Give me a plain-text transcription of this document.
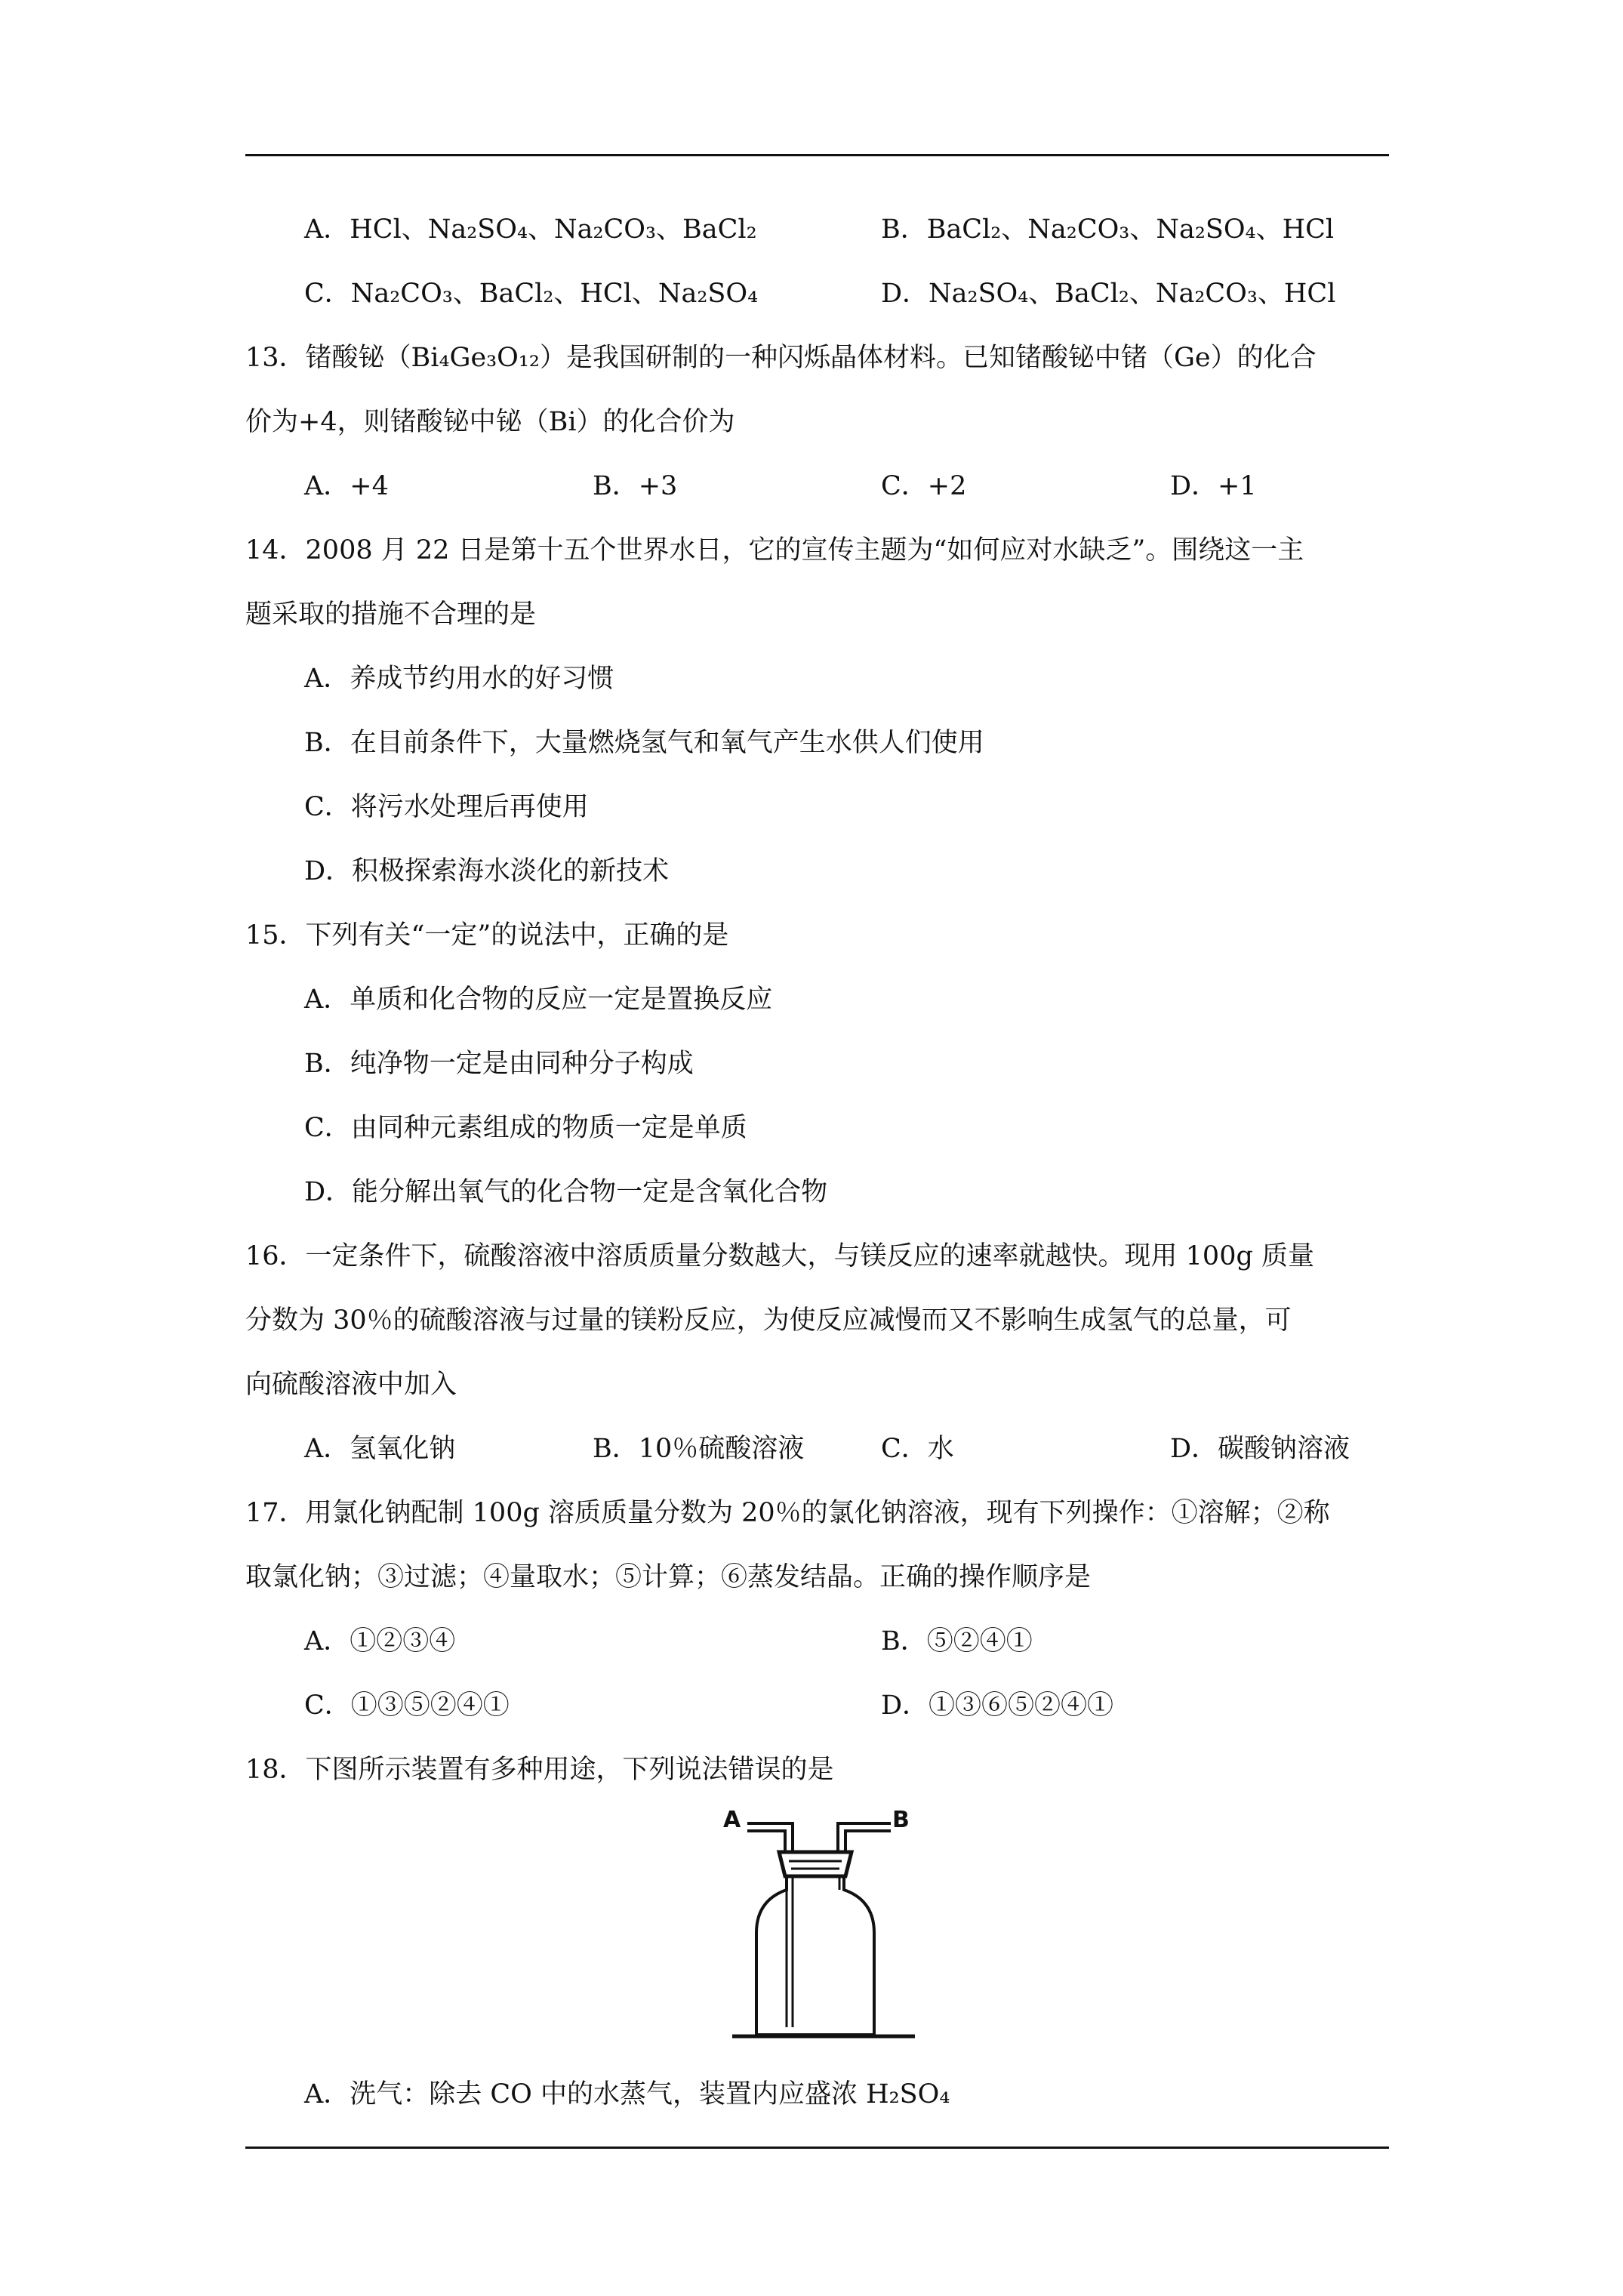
A．HCl、Na₂SO₄、Na₂CO₃、BaCl₂	B．BaCl₂、Na₂CO₃、Na₂SO₄、HCl
C．Na₂CO₃、BaCl₂、HCl、Na₂SO₄	D．Na₂SO₄、BaCl₂、Na₂CO₃、HCl
13．锗酸铋（Bi₄Ge₃O₁₂）是我国研制的一种闪烁晶体材料。已知锗酸铋中锗（Ge）的化合
价为+4，则锗酸铋中铋（Bi）的化合价为
A．+4	B．+3	C．+2	D．+1
14．2008 月 22 日是第十五个世界水日，它的宣传主题为“如何应对水缺乏”。围绕这一主
题采取的措施不合理的是
A．养成节约用水的好习惯
B．在目前条件下，大量燃烧氢气和氧气产生水供人们使用
C．将污水处理后再使用
D．积极探索海水淡化的新技术
15．下列有关“一定”的说法中，正确的是
A．单质和化合物的反应一定是置换反应
B．纯净物一定是由同种分子构成
C．由同种元素组成的物质一定是单质
D．能分解出氧气的化合物一定是含氧化合物
16．一定条件下，硫酸溶液中溶质质量分数越大，与镁反应的速率就越快。现用 100g 质量
分数为 30％的硫酸溶液与过量的镁粉反应，为使反应减慢而又不影响生成氢气的总量，可
向硫酸溶液中加入
A．氢氧化钠	B．10％硫酸溶液	C．水	D．碳酸钠溶液
17．用氯化钠配制 100g 溶质质量分数为 20％的氯化钠溶液，现有下列操作：①溶解；②称
取氯化钠；③过滤；④量取水；⑤计算；⑥蒸发结晶。正确的操作顺序是
A．①②③④	B．⑤②④①
C．①③⑤②④①	D．①③⑥⑤②④①
18．下图所示装置有多种用途，下列说法错误的是
A	B
A．洗气：除去 CO 中的水蒸气，装置内应盛浓 H₂SO₄
